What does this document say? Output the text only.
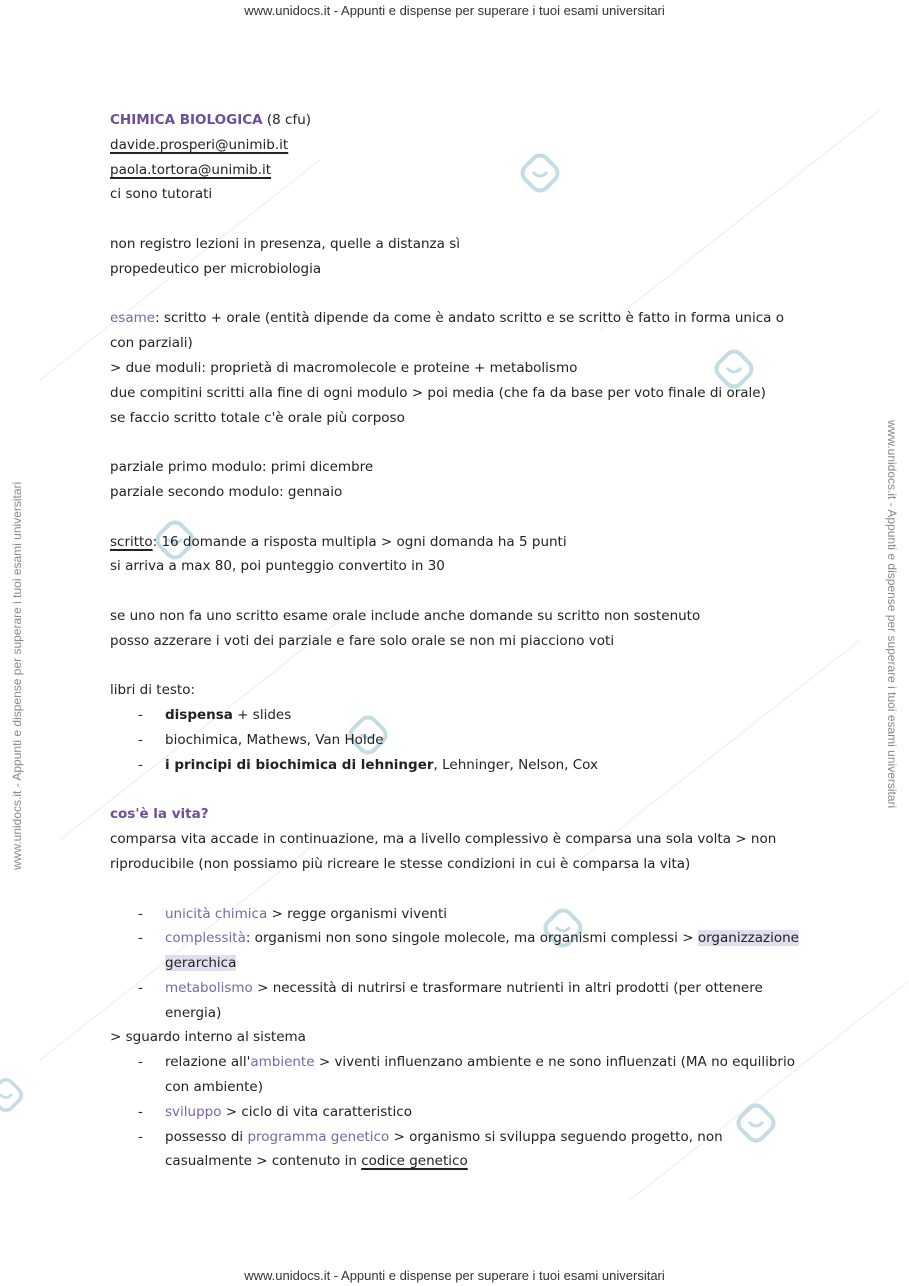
www.unidocs.it - Appunti e dispense per superare i tuoi esami universitari
www.unidocs.it - Appunti e dispense per superare i tuoi esami universitari	www.unidocs.it - Appunti e dispense per superare i tuoi esami universitari
www.unidocs.it - Appunti e dispense per superare i tuoi esami universitari
CHIMICA BIOLOGICA (8 cfu)
davide.prosperi@unimib.it
paola.tortora@unimib.it
ci sono tutorati
non registro lezioni in presenza, quelle a distanza sì
propedeutico per microbiologia
esame: scritto + orale (entità dipende da come è andato scritto e se scritto è fatto in forma unica o
con parziali)
> due moduli: proprietà di macromolecole e proteine + metabolismo
due compitini scritti alla fine di ogni modulo > poi media (che fa da base per voto finale di orale)
se faccio scritto totale c'è orale più corposo
parziale primo modulo: primi dicembre
parziale secondo modulo: gennaio
scritto: 16 domande a risposta multipla > ogni domanda ha 5 punti
si arriva a max 80, poi punteggio convertito in 30
se uno non fa uno scritto esame orale include anche domande su scritto non sostenuto
posso azzerare i voti dei parziale e fare solo orale se non mi piacciono voti
libri di testo:
- dispensa + slides
- biochimica, Mathews, Van Holde
- i principi di biochimica di lehninger, Lehninger, Nelson, Cox
cos'è la vita?
comparsa vita accade in continuazione, ma a livello complessivo è comparsa una sola volta > non
riproducibile (non possiamo più ricreare le stesse condizioni in cui è comparsa la vita)
- unicità chimica > regge organismi viventi
- complessità: organismi non sono singole molecole, ma organismi complessi > organizzazione
gerarchica
- metabolismo > necessità di nutrirsi e trasformare nutrienti in altri prodotti (per ottenere
energia)
> sguardo interno al sistema
- relazione all'ambiente > viventi influenzano ambiente e ne sono influenzati (MA no equilibrio
con ambiente)
- sviluppo > ciclo di vita caratteristico
- possesso di programma genetico > organismo si sviluppa seguendo progetto, non
casualmente > contenuto in codice genetico
